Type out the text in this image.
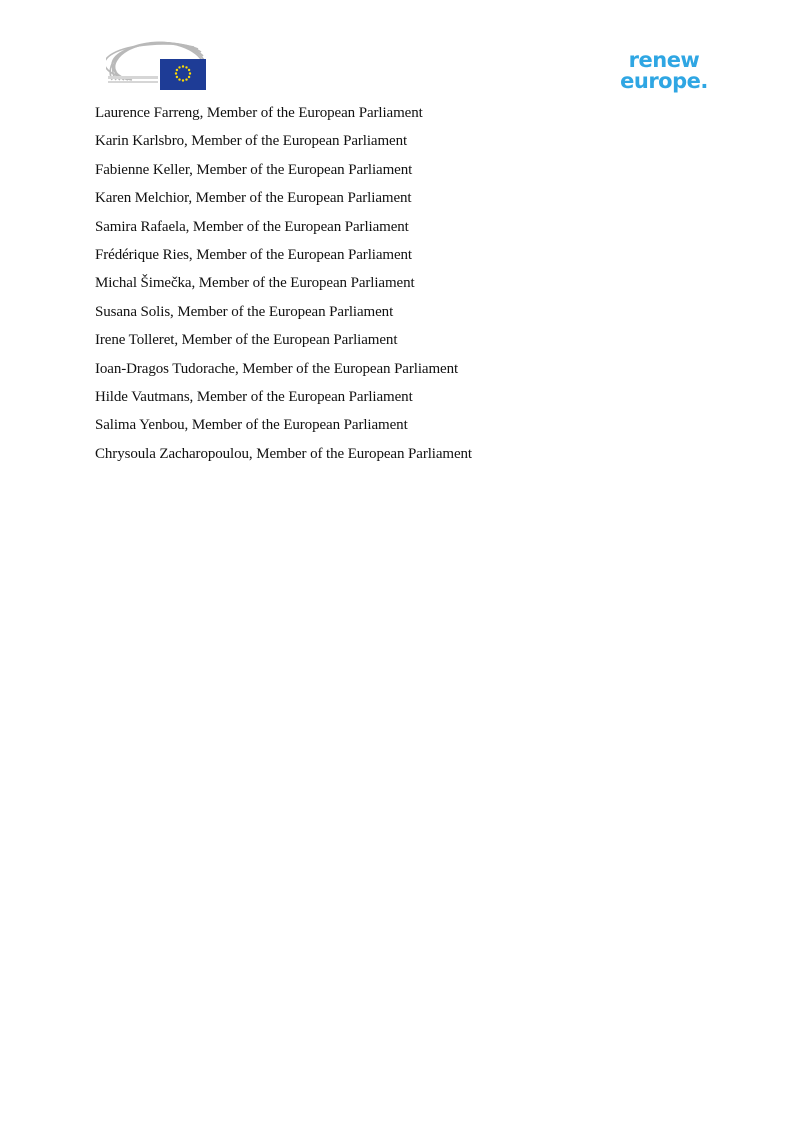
renew
europe.
Laurence Farreng, Member of the European Parliament
Karin Karlsbro, Member of the European Parliament
Fabienne Keller, Member of the European Parliament
Karen Melchior, Member of the European Parliament
Samira Rafaela, Member of the European Parliament
Frédérique Ries, Member of the European Parliament
Michal Šimečka, Member of the European Parliament
Susana Solis, Member of the European Parliament
Irene Tolleret, Member of the European Parliament
Ioan-Dragos Tudorache, Member of the European Parliament
Hilde Vautmans, Member of the European Parliament
Salima Yenbou, Member of the European Parliament
Chrysoula Zacharopoulou, Member of the European Parliament
